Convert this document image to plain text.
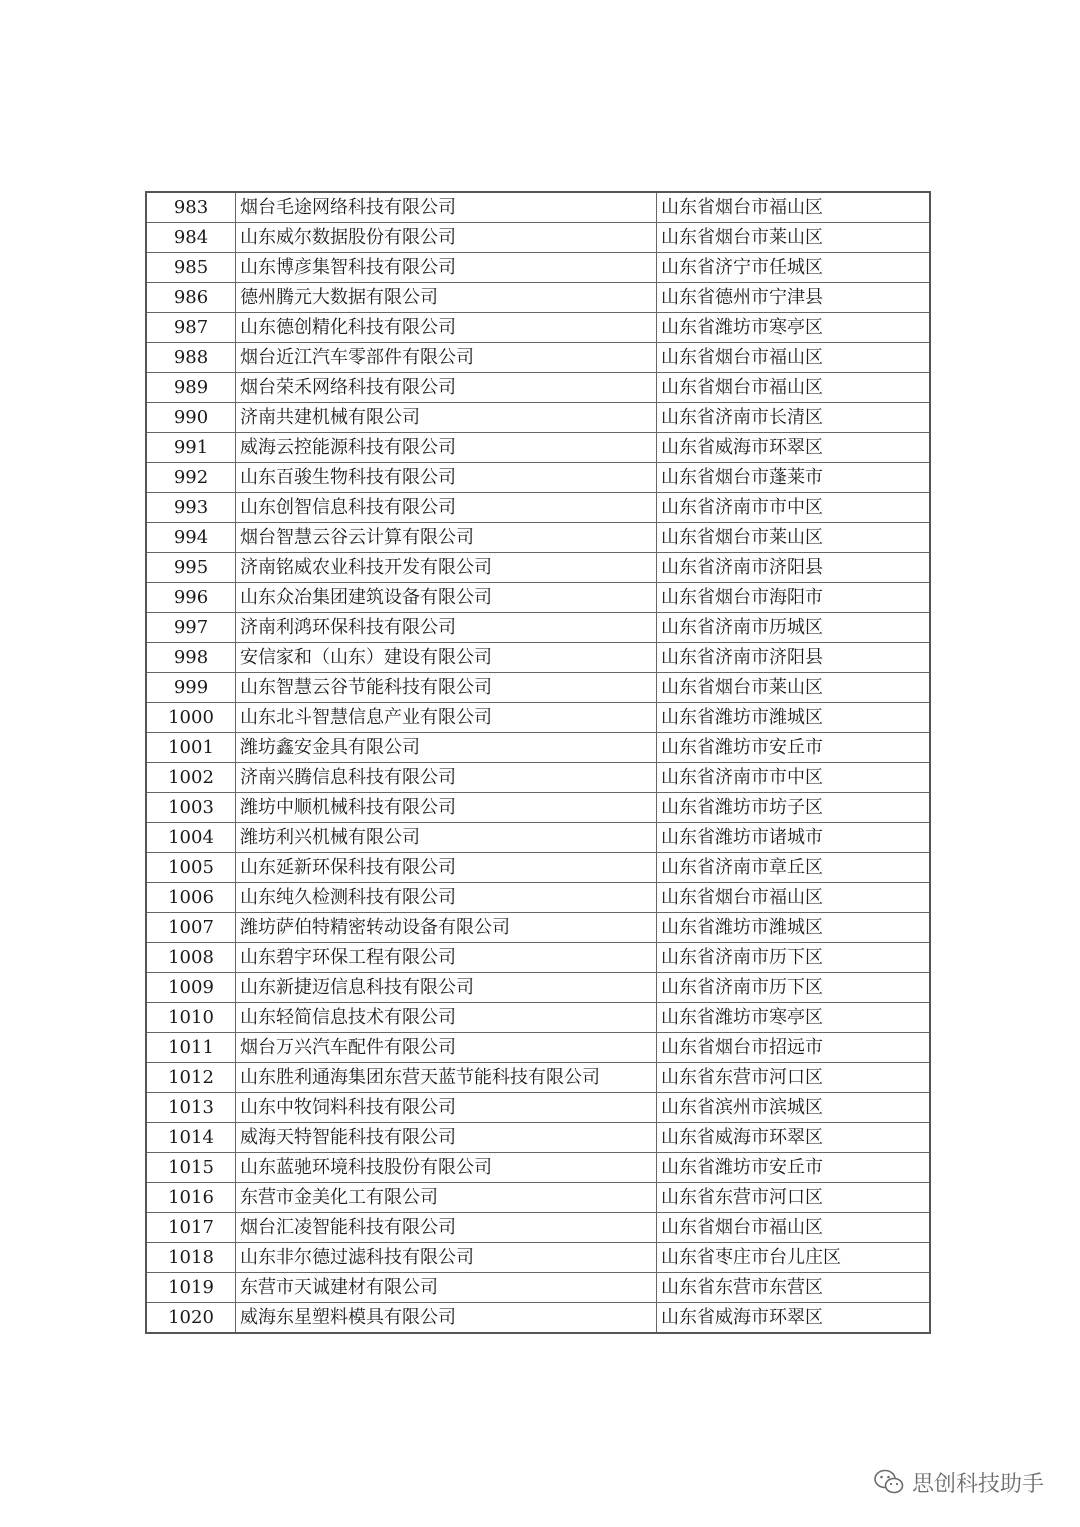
983	烟台毛途网络科技有限公司	山东省烟台市福山区
984	山东威尔数据股份有限公司	山东省烟台市莱山区
985	山东博彦集智科技有限公司	山东省济宁市任城区
986	德州腾元大数据有限公司	山东省德州市宁津县
987	山东德创精化科技有限公司	山东省潍坊市寒亭区
988	烟台近江汽车零部件有限公司	山东省烟台市福山区
989	烟台荣禾网络科技有限公司	山东省烟台市福山区
990	济南共建机械有限公司	山东省济南市长清区
991	威海云控能源科技有限公司	山东省威海市环翠区
992	山东百骏生物科技有限公司	山东省烟台市蓬莱市
993	山东创智信息科技有限公司	山东省济南市市中区
994	烟台智慧云谷云计算有限公司	山东省烟台市莱山区
995	济南铭威农业科技开发有限公司	山东省济南市济阳县
996	山东众冶集团建筑设备有限公司	山东省烟台市海阳市
997	济南利鸿环保科技有限公司	山东省济南市历城区
998	安信家和（山东）建设有限公司	山东省济南市济阳县
999	山东智慧云谷节能科技有限公司	山东省烟台市莱山区
1000	山东北斗智慧信息产业有限公司	山东省潍坊市潍城区
1001	潍坊鑫安金具有限公司	山东省潍坊市安丘市
1002	济南兴腾信息科技有限公司	山东省济南市市中区
1003	潍坊中顺机械科技有限公司	山东省潍坊市坊子区
1004	潍坊利兴机械有限公司	山东省潍坊市诸城市
1005	山东延新环保科技有限公司	山东省济南市章丘区
1006	山东纯久检测科技有限公司	山东省烟台市福山区
1007	潍坊萨伯特精密转动设备有限公司	山东省潍坊市潍城区
1008	山东碧宇环保工程有限公司	山东省济南市历下区
1009	山东新捷迈信息科技有限公司	山东省济南市历下区
1010	山东轻简信息技术有限公司	山东省潍坊市寒亭区
1011	烟台万兴汽车配件有限公司	山东省烟台市招远市
1012	山东胜利通海集团东营天蓝节能科技有限公司	山东省东营市河口区
1013	山东中牧饲料科技有限公司	山东省滨州市滨城区
1014	威海天特智能科技有限公司	山东省威海市环翠区
1015	山东蓝驰环境科技股份有限公司	山东省潍坊市安丘市
1016	东营市金美化工有限公司	山东省东营市河口区
1017	烟台汇凌智能科技有限公司	山东省烟台市福山区
1018	山东非尔德过滤科技有限公司	山东省枣庄市台儿庄区
1019	东营市天诚建材有限公司	山东省东营市东营区
1020	威海东星塑料模具有限公司	山东省威海市环翠区
思创科技助手
